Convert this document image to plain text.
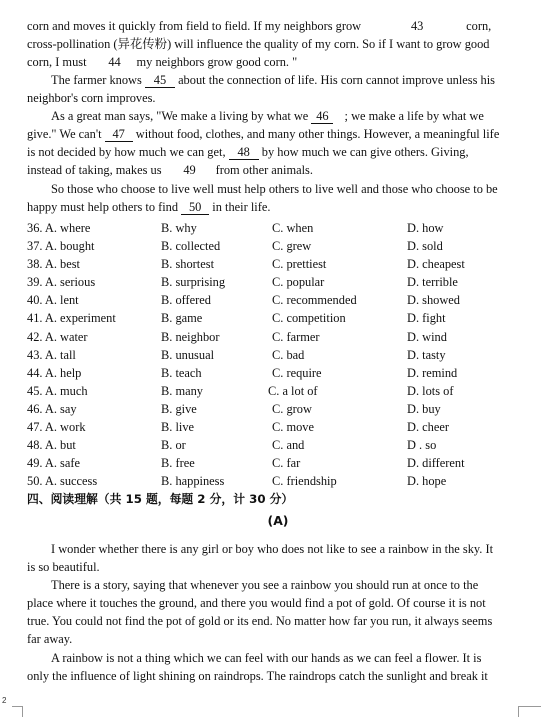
corn and moves it quickly from field to field. If my neighbors grow	43	corn,
cross-pollination (异花传粉) will influence the quality of my corn. So if I want to grow good
corn, I must 44 my neighbors grow good corn. "
The farmer knows 45 about the connection of life. His corn cannot improve unless his
neighbor's corn improves.
As a great man says, "We make a living by what we 46 ; we make a life by what we
give." We can't 47 without food, clothes, and many other things. However, a meaningful life
is not decided by how much we can get, 48 by how much we can give others. Giving,
instead of taking, makes us 49 from other animals.
So those who choose to live well must help others to live well and those who choose to be
happy must help others to find 50 in their life.
36. A. where	B. why	C. when	D. how
37. A. bought	B. collected	C. grew	D. sold
38. A. best	B. shortest	C. prettiest	D. cheapest
39. A. serious	B. surprising	C. popular	D. terrible
40. A. lent	B. offered	C. recommended	D. showed
41. A. experiment	B. game	C. competition	D. fight
42. A. water	B. neighbor	C. farmer	D. wind
43. A. tall	B. unusual	C. bad	D. tasty
44. A. help	B. teach	C. require	D. remind
45. A. much	B. many	C. a lot of	D. lots of
46. A. say	B. give	C. grow	D. buy
47. A. work	B. live	C. move	D. cheer
48. A. but	B. or	C. and	D . so
49. A. safe	B. free	C. far	D. different
50. A. success	B. happiness	C. friendship	D. hope
四、阅读理解（共 15 题，每题 2 分，计 30 分）
(A)
I wonder whether there is any girl or boy who does not like to see a rainbow in the sky. It
is so beautiful.
There is a story, saying that whenever you see a rainbow you should run at once to the
place where it touches the ground, and there you would find a pot of gold. Of course it is not
true. You could not find the pot of gold or its end. No matter how far you run, it always seems
far away.
A rainbow is not a thing which we can feel with our hands as we can feel a flower. It is
only the influence of light shining on raindrops. The raindrops catch the sunlight and break it
2
